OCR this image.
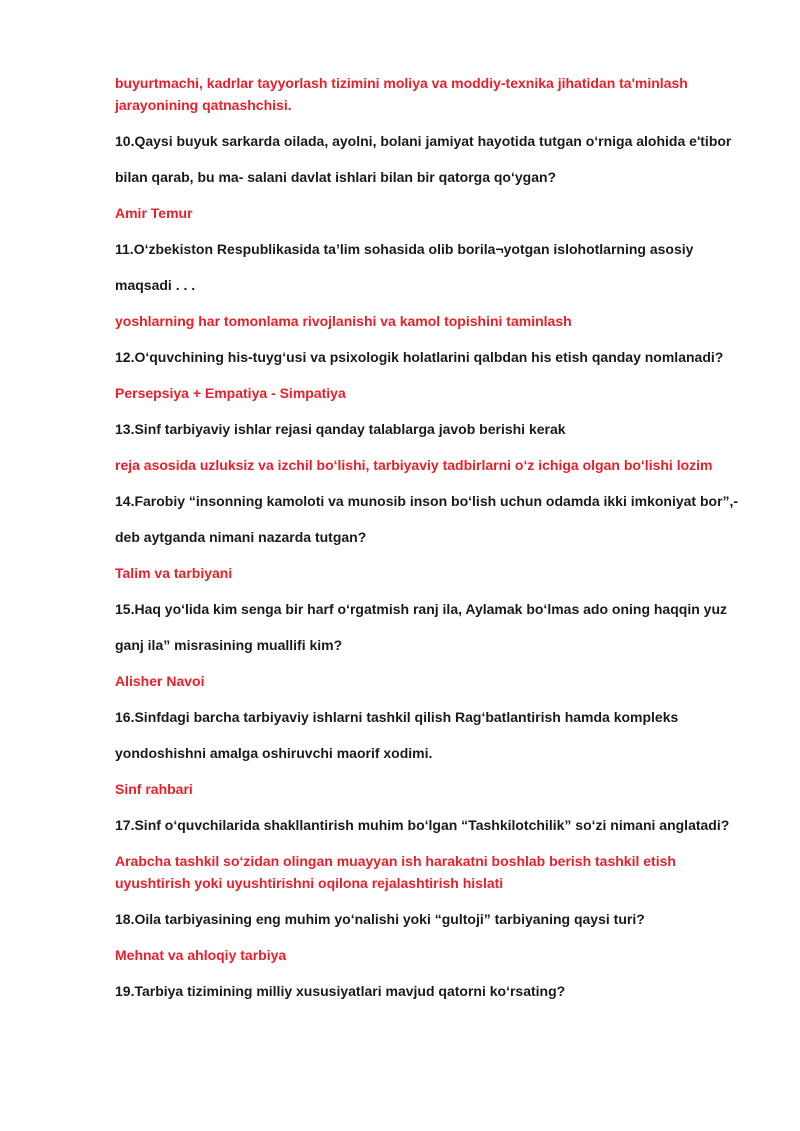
buyurtmachi, kadrlar tayyorlash tizimini moliya va moddiy-texnika jihatidan ta'minlash

jarayonining qatnashchisi.

10.Qaysi buyuk sarkarda oilada, ayolni, bolani jamiyat hayotida tutgan o‘rniga alohida e'tibor

bilan qarab, bu ma- salani davlat ishlari bilan bir qatorga qo‘ygan?

Amir Temur

11.O‘zbekiston Respublikasida ta’lim sohasida olib borila¬yotgan islohotlarning asosiy

maqsadi . . .

yoshlarning har tomonlama rivojlanishi va kamol topishini taminlash

12.O‘quvchining his-tuyg‘usi va psixologik holatlarini qalbdan his etish qanday nomlanadi?

Persepsiya + Empatiya - Simpatiya

13.Sinf tarbiyaviy ishlar rejasi qanday talablarga javob berishi kerak

reja asosida uzluksiz va izchil bo‘lishi, tarbiyaviy tadbirlarni o‘z ichiga olgan bo‘lishi lozim

14.Farobiy “insonning kamoloti va munosib inson bo‘lish uchun odamda ikki imkoniyat bor”,-

deb aytganda nimani nazarda tutgan?

Talim va tarbiyani

15.Haq yo‘lida kim senga bir harf o‘rgatmish ranj ila, Aylamak bo‘lmas ado oning haqqin yuz

ganj ila” misrasining muallifi kim?

Alisher Navoi

16.Sinfdagi barcha tarbiyaviy ishlarni tashkil qilish Rag‘batlantirish hamda kompleks

yondoshishni amalga oshiruvchi maorif xodimi.

Sinf rahbari

17.Sinf o‘quvchilarida shakllantirish muhim bo‘lgan “Tashkilotchilik” so‘zi nimani anglatadi?

Arabcha tashkil so‘zidan olingan muayyan ish harakatni boshlab berish tashkil etish

uyushtirish yoki uyushtirishni oqilona rejalashtirish hislati

18.Oila tarbiyasining eng muhim yo‘nalishi yoki “gultoji” tarbiyaning qaysi turi?

Mehnat va ahloqiy tarbiya

19.Tarbiya tizimining milliy xususiyatlari mavjud qatorni ko‘rsating?
